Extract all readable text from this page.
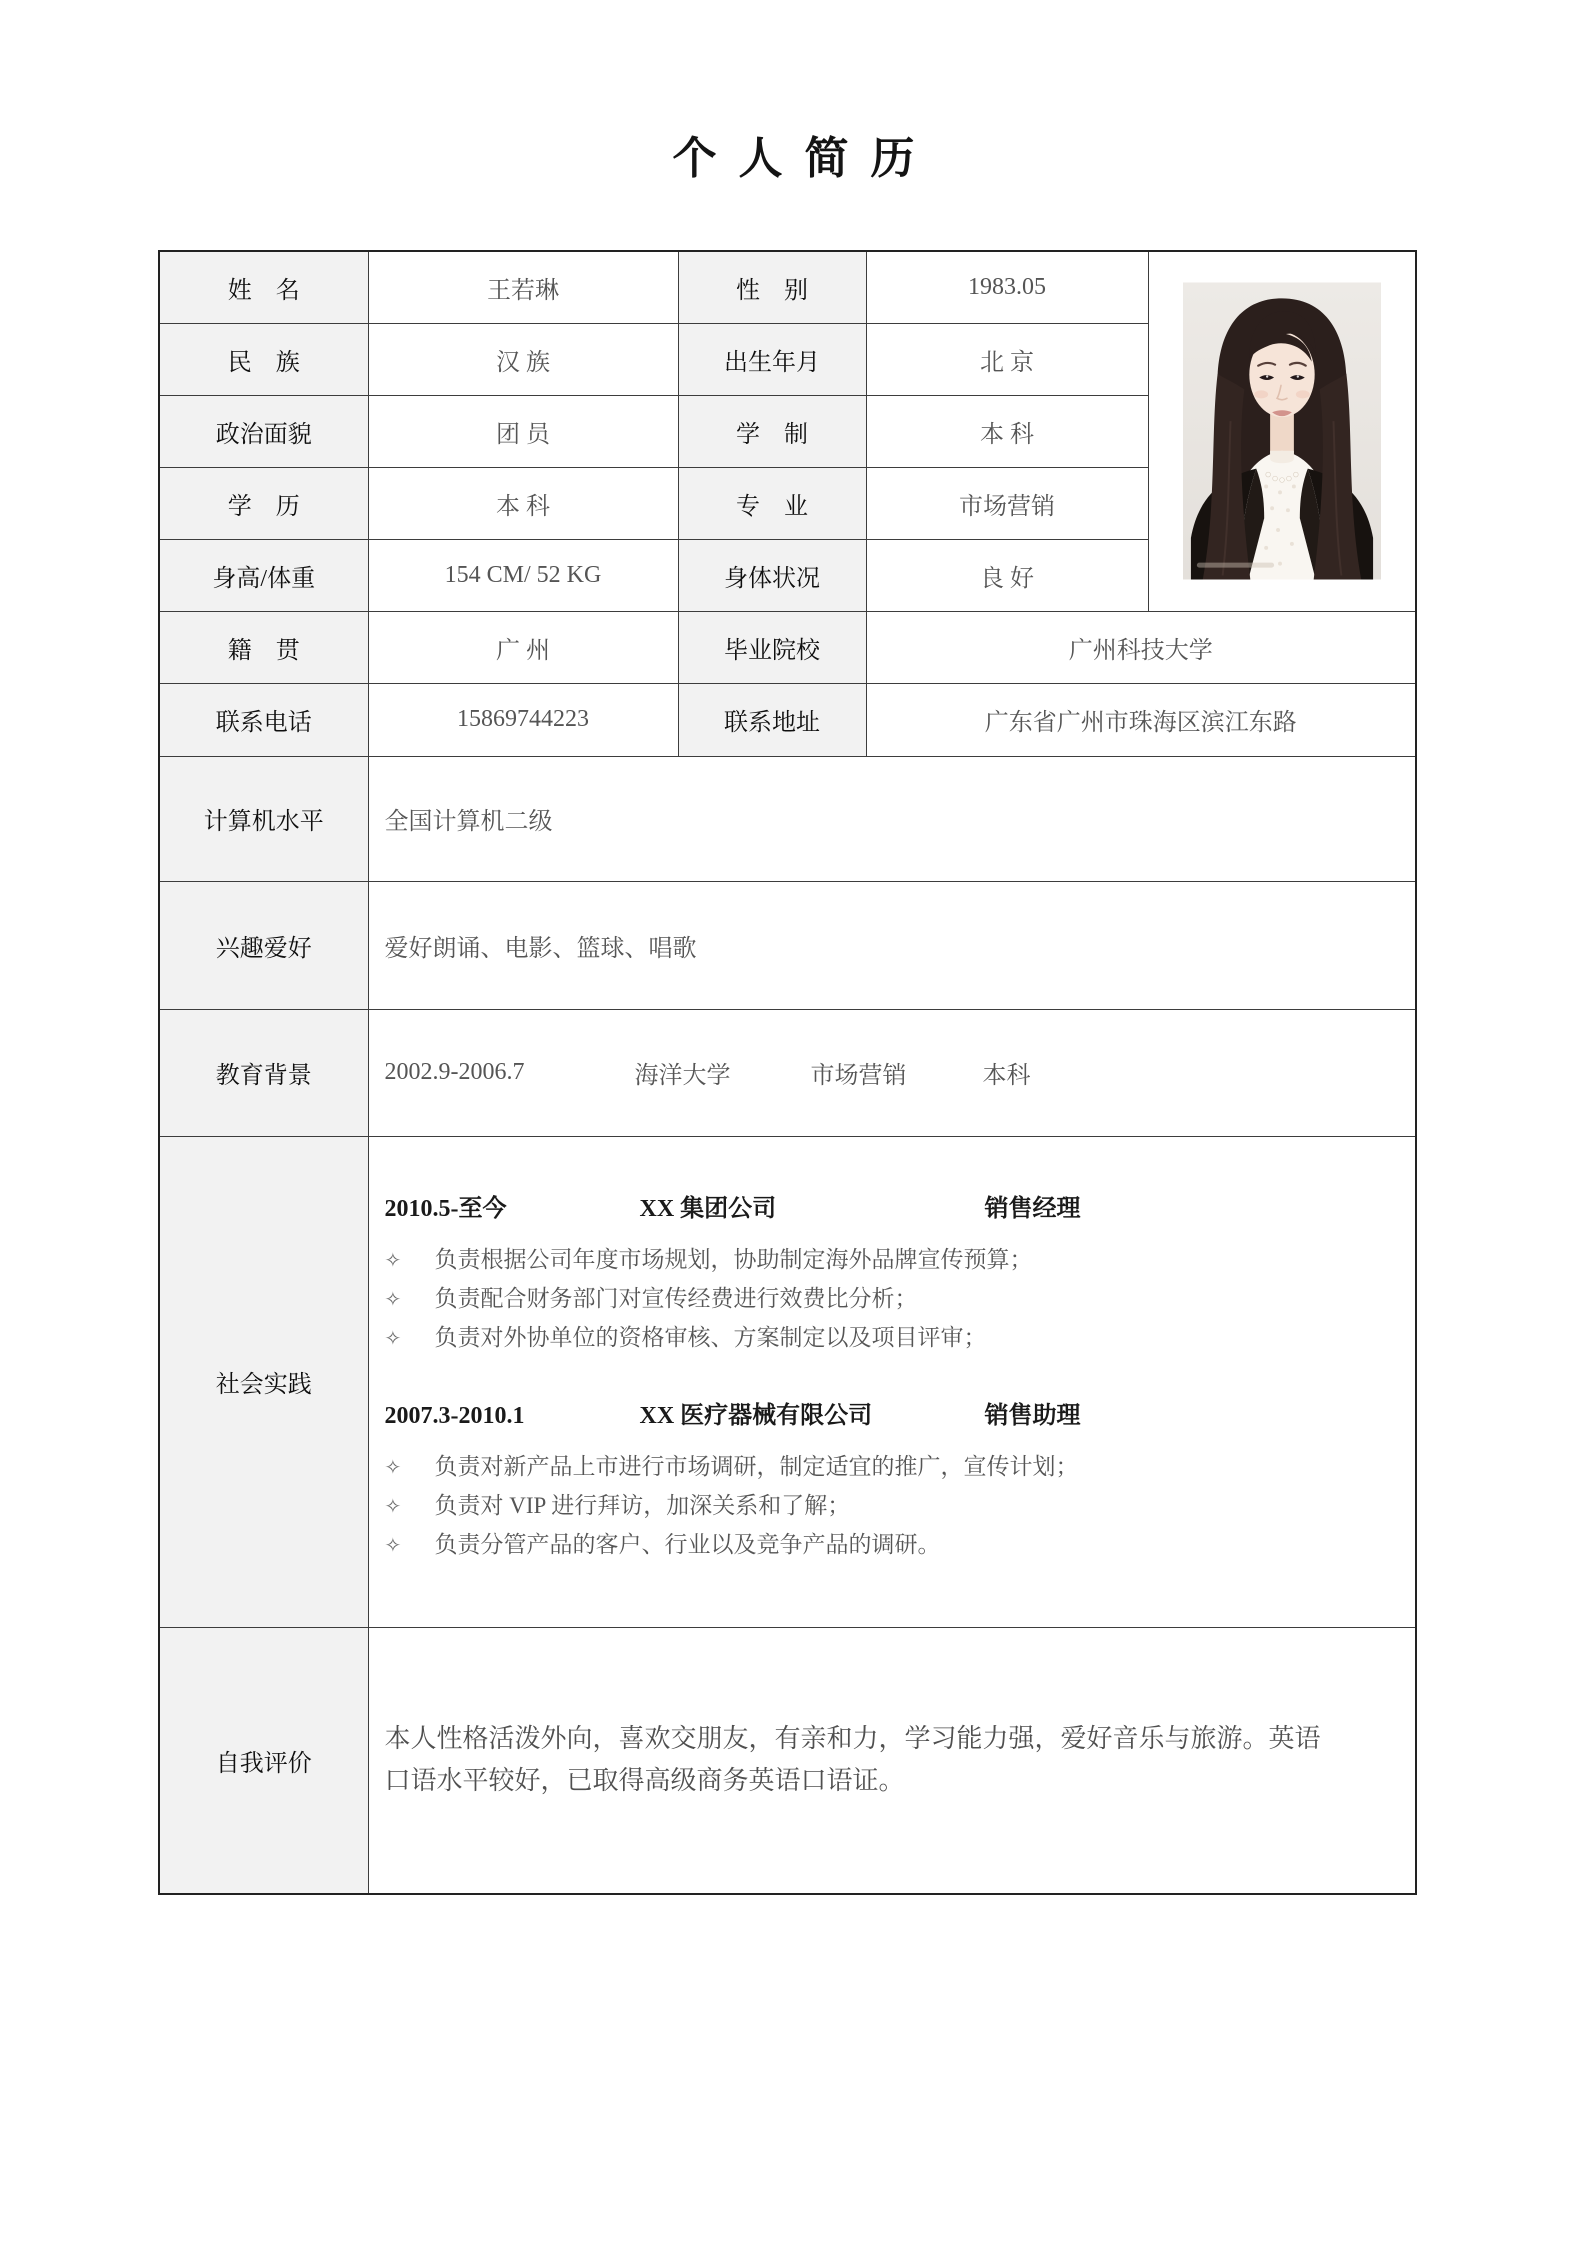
个人简历
姓　名	王若琳	性　别	1983.05	
民　族	汉 族	出生年月	北 京	
政治面貌	团 员	学　制	本 科	
学　历	本 科	专　业	市场营销	
身高/体重	154 CM/ 52 KG	身体状况	良 好	
籍　贯	广 州	毕业院校	广州科技大学	
联系电话	15869744223	联系地址	广东省广州市珠海区滨江东路	
计算机水平	全国计算机二级			
兴趣爱好	爱好朗诵、电影、篮球、唱歌			
教育背景	2002.9-2006.7 海洋大学 市场营销 本科			

社会实践	
2010.5-至今	XX 集团公司	销售经理
✧ 负责根据公司年度市场规划，协助制定海外品牌宣传预算；
✧ 负责配合财务部门对宣传经费进行效费比分析；
✧ 负责对外协单位的资格审核、方案制定以及项目评审；
2007.3-2010.1	XX 医疗器械有限公司	销售助理
✧ 负责对新产品上市进行市场调研，制定适宜的推广，宣传计划；
✧ 负责对 VIP 进行拜访，加深关系和了解；
✧ 负责分管产品的客户、行业以及竞争产品的调研。

自我评价	本人性格活泼外向，喜欢交朋友，有亲和力，学习能力强，爱好音乐与旅游。英语口语水平较好，已取得高级商务英语口语证。			
